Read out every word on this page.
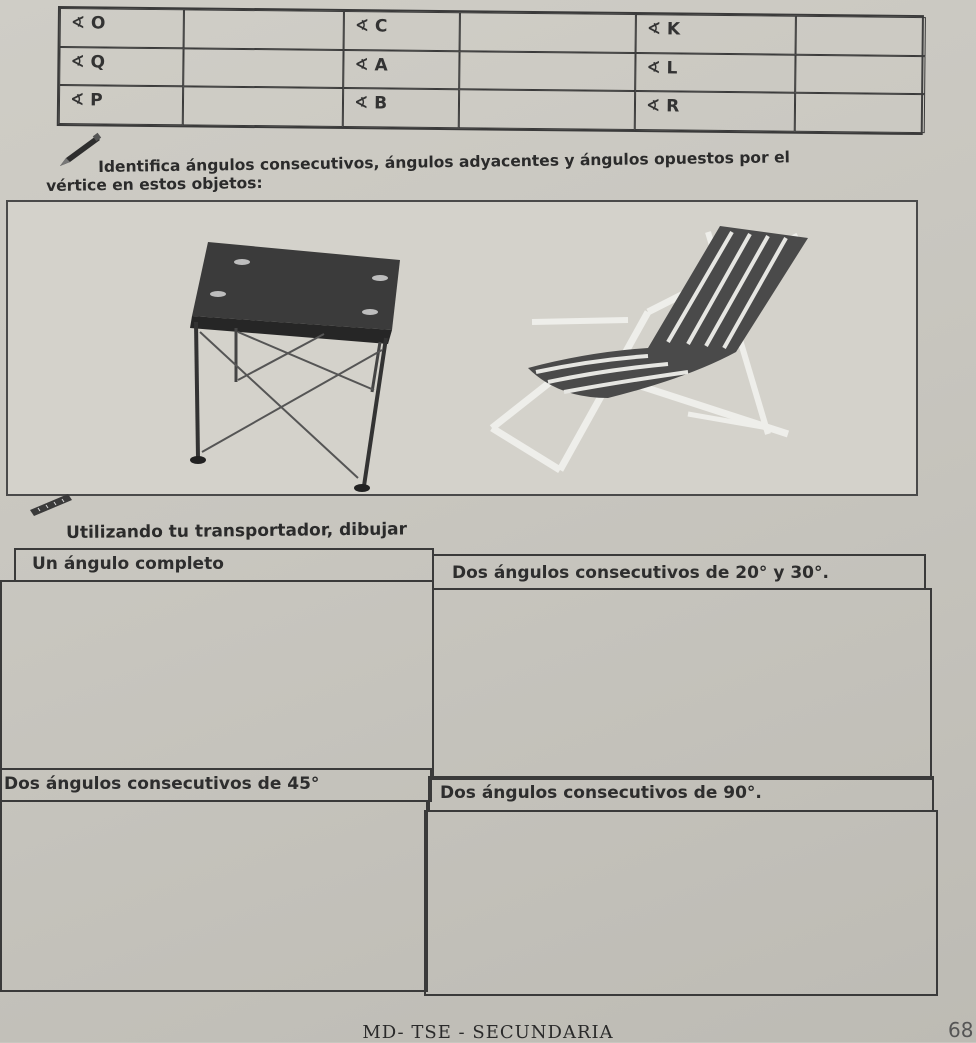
∢ O	∢ C	∢ K
∢ Q	∢ A	∢ L
∢ P	∢ B	∢ R
Identifica ángulos consecutivos, ángulos adyacentes y ángulos opuestos por el
vértice en estos objetos:
Utilizando tu transportador, dibujar
Un ángulo completo	Dos ángulos consecutivos de 20° y 30°.
Dos ángulos consecutivos de 45°	Dos ángulos consecutivos de 90°.
MD- TSE - SECUNDARIA	68
